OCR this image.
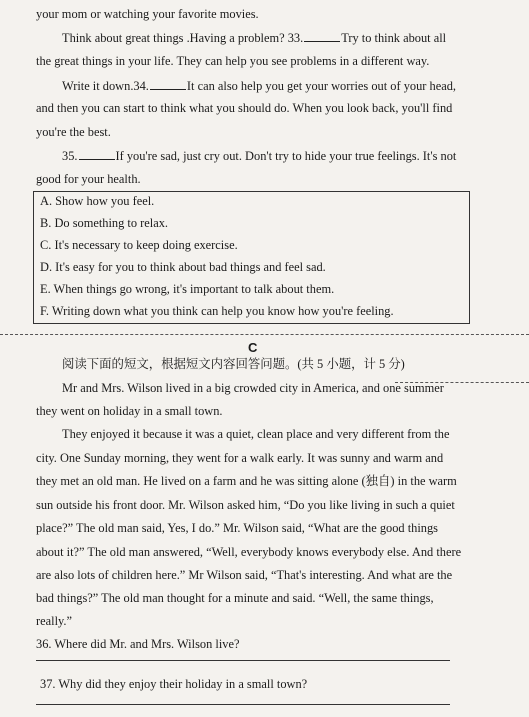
your mom or watching your favorite movies.
Think about great things .Having a problem? 33.	Try to think about all
the great things in your life. They can help you see problems in a different way.
Write it down.34.	It can also help you get your worries out of your head,
and then you can start to think what you should do. When you look back, you'll find
you're the best.
35.	If you're sad, just cry out. Don't try to hide your true feelings. It's not
good for your health.
A. Show how you feel.
B. Do something to relax.
C. It's necessary to keep doing exercise.
D. It's easy for you to think about bad things and feel sad.
E. When things go wrong, it's important to talk about them.
F. Writing down what you think can help you know how you're feeling.
C
阅读下面的短文，根据短文内容回答问题。(共 5 小题，计 5 分)
Mr and Mrs. Wilson lived in a big crowded city in America, and one summer
they went on holiday in a small town.
They enjoyed it because it was a quiet, clean place and very different from the
city. One Sunday morning, they went for a walk early. It was sunny and warm and
they met an old man. He lived on a farm and he was sitting alone (独自) in the warm
sun outside his front door. Mr. Wilson asked him, “Do you like living in such a quiet
place?” The old man said, Yes, I do.” Mr. Wilson said, “What are the good things
about it?” The old man answered, “Well, everybody knows everybody else. And there
are also lots of children here.” Mr Wilson said, “That's interesting. And what are the
bad things?” The old man thought for a minute and said. “Well, the same things,
really.”
36. Where did Mr. and Mrs. Wilson live?
37. Why did they enjoy their holiday in a small town?
